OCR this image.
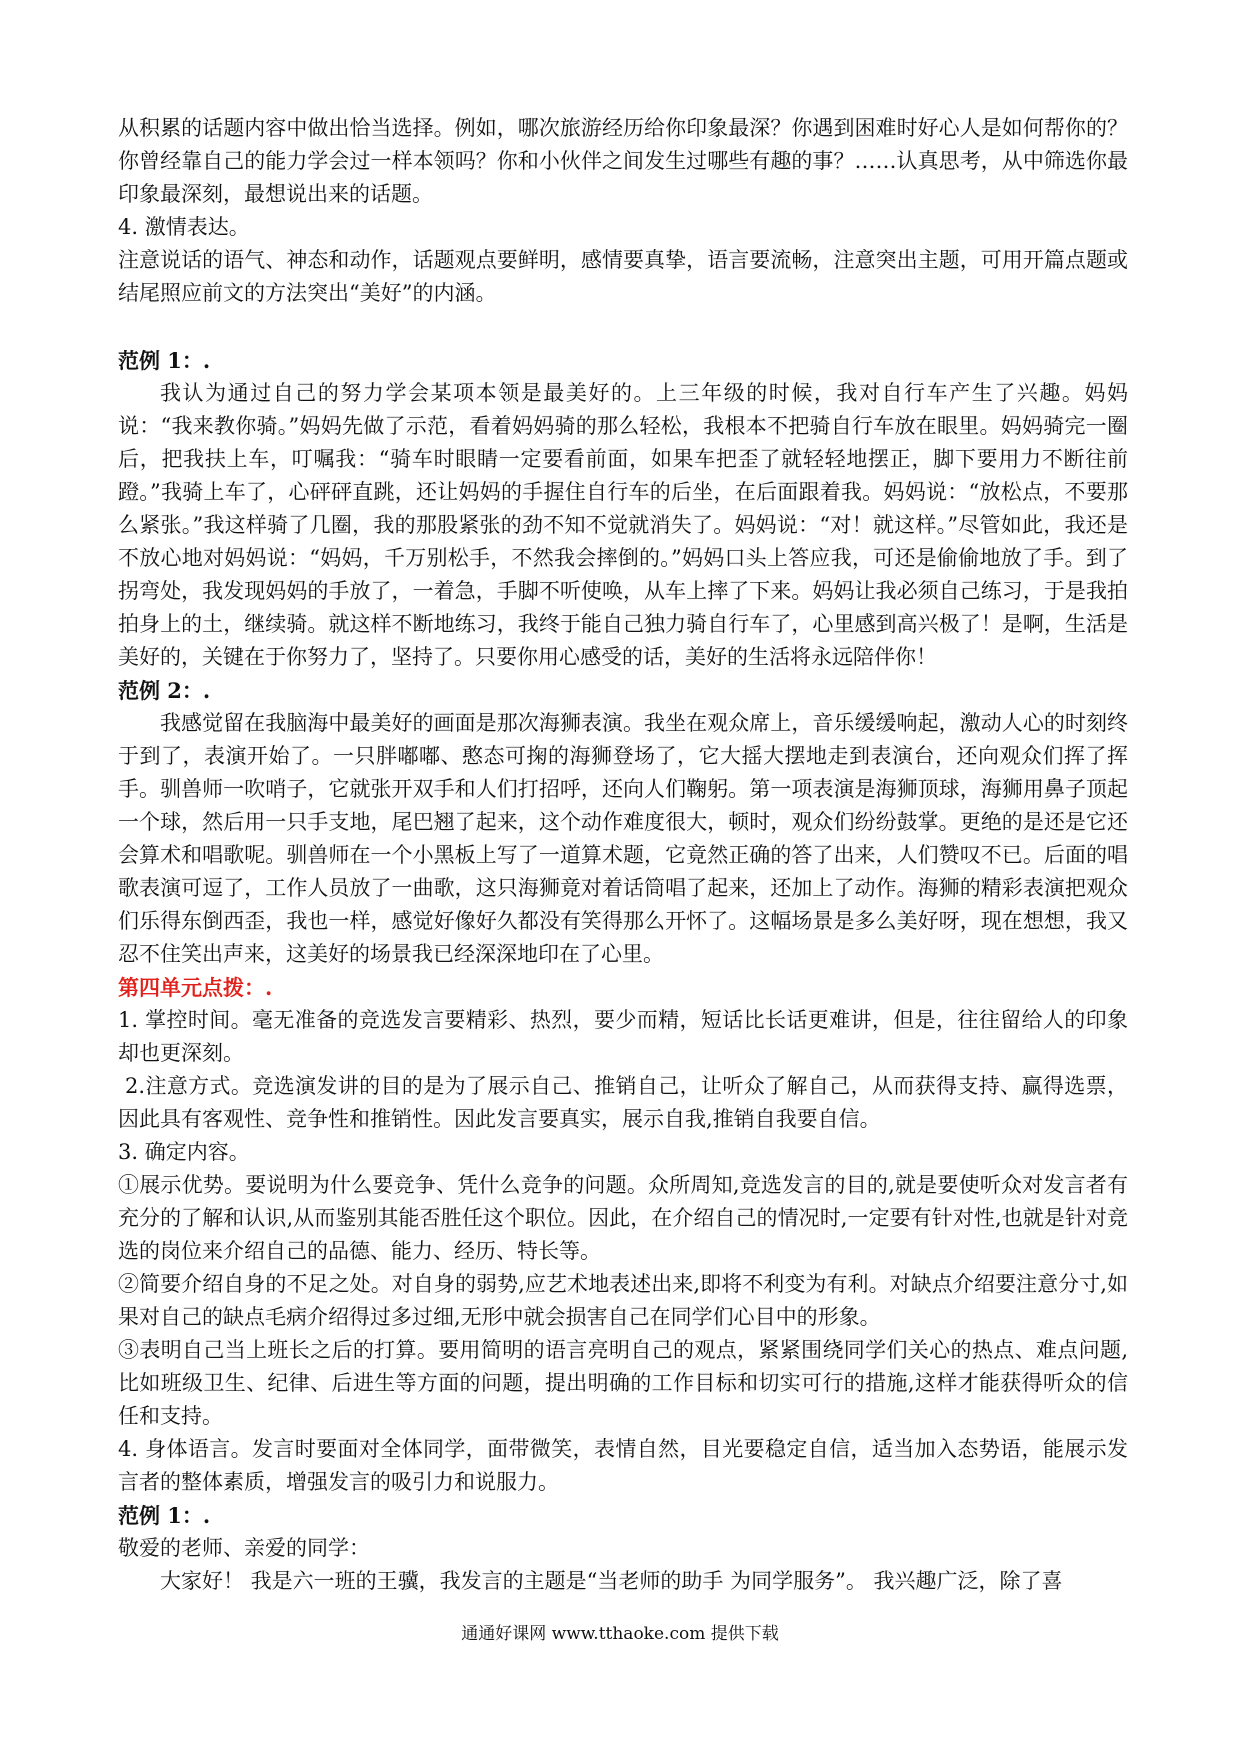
从积累的话题内容中做出恰当选择。例如，哪次旅游经历给你印象最深？你遇到困难时好心人是如何帮你的？你曾经靠自己的能力学会过一样本领吗？你和小伙伴之间发生过哪些有趣的事？……认真思考，从中筛选你最印象最深刻，最想说出来的话题。

4. 激情表达。

注意说话的语气、神态和动作，话题观点要鲜明，感情要真挚，语言要流畅，注意突出主题，可用开篇点题或结尾照应前文的方法突出“美好”的内涵。

范例 1：.

我认为通过自己的努力学会某项本领是最美好的。上三年级的时候，我对自行车产生了兴趣。妈妈说：“我来教你骑。”妈妈先做了示范，看着妈妈骑的那么轻松，我根本不把骑自行车放在眼里。妈妈骑完一圈后，把我扶上车，叮嘱我：“骑车时眼睛一定要看前面，如果车把歪了就轻轻地摆正，脚下要用力不断往前蹬。”我骑上车了，心砰砰直跳，还让妈妈的手握住自行车的后坐，在后面跟着我。妈妈说：“放松点，不要那么紧张。”我这样骑了几圈，我的那股紧张的劲不知不觉就消失了。妈妈说：“对！就这样。”尽管如此，我还是不放心地对妈妈说：“妈妈，千万别松手，不然我会摔倒的。”妈妈口头上答应我，可还是偷偷地放了手。到了拐弯处，我发现妈妈的手放了，一着急，手脚不听使唤，从车上摔了下来。妈妈让我必须自己练习，于是我拍拍身上的土，继续骑。就这样不断地练习，我终于能自己独力骑自行车了，心里感到高兴极了！是啊，生活是美好的，关键在于你努力了，坚持了。只要你用心感受的话，美好的生活将永远陪伴你！

范例 2：.

我感觉留在我脑海中最美好的画面是那次海狮表演。我坐在观众席上，音乐缓缓响起，激动人心的时刻终于到了，表演开始了。一只胖嘟嘟、憨态可掬的海狮登场了，它大摇大摆地走到表演台，还向观众们挥了挥手。驯兽师一吹哨子，它就张开双手和人们打招呼，还向人们鞠躬。第一项表演是海狮顶球，海狮用鼻子顶起一个球，然后用一只手支地，尾巴翘了起来，这个动作难度很大，顿时，观众们纷纷鼓掌。更绝的是还是它还会算术和唱歌呢。驯兽师在一个小黑板上写了一道算术题，它竟然正确的答了出来，人们赞叹不已。后面的唱歌表演可逗了，工作人员放了一曲歌，这只海狮竟对着话筒唱了起来，还加上了动作。海狮的精彩表演把观众们乐得东倒西歪，我也一样，感觉好像好久都没有笑得那么开怀了。这幅场景是多么美好呀，现在想想，我又忍不住笑出声来，这美好的场景我已经深深地印在了心里。

第四单元点拨：.

1. 掌控时间。毫无准备的竞选发言要精彩、热烈，要少而精，短话比长话更难讲，但是，往往留给人的印象却也更深刻。

2.注意方式。竞选演发讲的目的是为了展示自己、推销自己，让听众了解自己，从而获得支持、赢得选票，因此具有客观性、竞争性和推销性。因此发言要真实，展示自我,推销自我要自信。

3. 确定内容。

①展示优势。要说明为什么要竞争、凭什么竞争的问题。众所周知,竞选发言的目的,就是要使听众对发言者有充分的了解和认识,从而鉴别其能否胜任这个职位。因此，在介绍自己的情况时,一定要有针对性,也就是针对竞选的岗位来介绍自己的品德、能力、经历、特长等。

②简要介绍自身的不足之处。对自身的弱势,应艺术地表述出来,即将不利变为有利。对缺点介绍要注意分寸,如果对自己的缺点毛病介绍得过多过细,无形中就会损害自己在同学们心目中的形象。

③表明自己当上班长之后的打算。要用简明的语言亮明自己的观点，紧紧围绕同学们关心的热点、难点问题,比如班级卫生、纪律、后进生等方面的问题，提出明确的工作目标和切实可行的措施,这样才能获得听众的信任和支持。

4. 身体语言。发言时要面对全体同学，面带微笑，表情自然，目光要稳定自信，适当加入态势语，能展示发言者的整体素质，增强发言的吸引力和说服力。

范例 1：.

敬爱的老师、亲爱的同学：

大家好！ 我是六一班的王骥，我发言的主题是“当老师的助手 为同学服务”。 我兴趣广泛，除了喜

通通好课网 www.tthaoke.com 提供下载
